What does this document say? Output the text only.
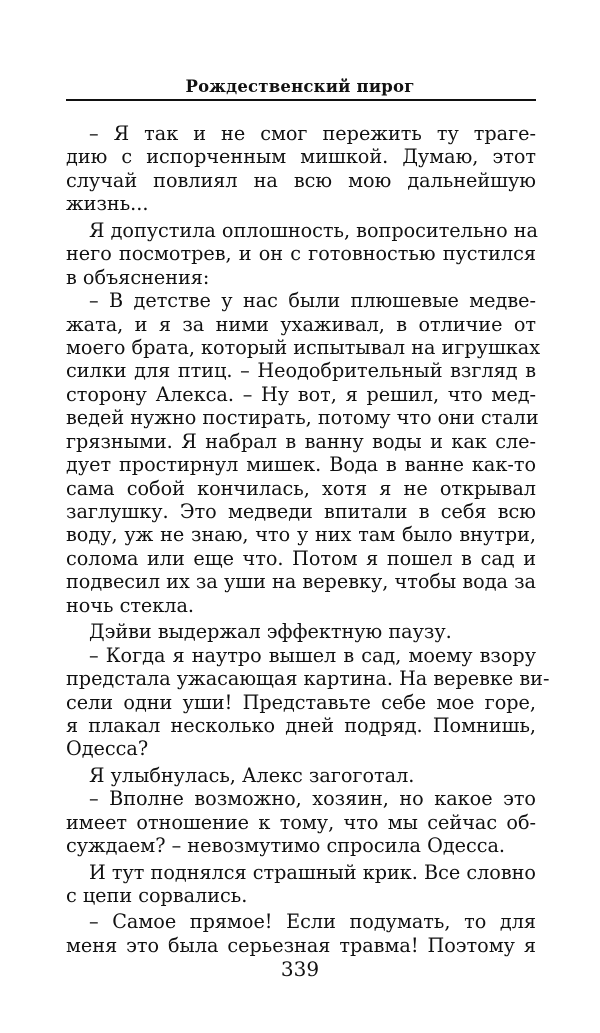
Рождественский пирог
– Я так и не смог пережить ту траге-
дию с испорченным мишкой. Думаю, этот
случай повлиял на всю мою дальнейшую
жизнь...
Я допустила оплошность, вопросительно на
него посмотрев, и он с готовностью пустился
в объяснения:
– В детстве у нас были плюшевые медве-
жата, и я за ними ухаживал, в отличие от
моего брата, который испытывал на игрушках
силки для птиц. – Неодобрительный взгляд в
сторону Алекса. – Ну вот, я решил, что мед-
ведей нужно постирать, потому что они стали
грязными. Я набрал в ванну воды и как сле-
дует простирнул мишек. Вода в ванне как-то
сама собой кончилась, хотя я не открывал
заглушку. Это медведи впитали в себя всю
воду, уж не знаю, что у них там было внутри,
солома или еще что. Потом я пошел в сад и
подвесил их за уши на веревку, чтобы вода за
ночь стекла.
Дэйви выдержал эффектную паузу.
– Когда я наутро вышел в сад, моему взору
предстала ужасающая картина. На веревке ви-
сели одни уши! Представьте себе мое горе,
я плакал несколько дней подряд. Помнишь,
Одесса?
Я улыбнулась, Алекс загоготал.
– Вполне возможно, хозяин, но какое это
имеет отношение к тому, что мы сейчас об-
суждаем? – невозмутимо спросила Одесса.
И тут поднялся страшный крик. Все словно
с цепи сорвались.
– Самое прямое! Если подумать, то для
меня это была серьезная травма! Поэтому я
339
